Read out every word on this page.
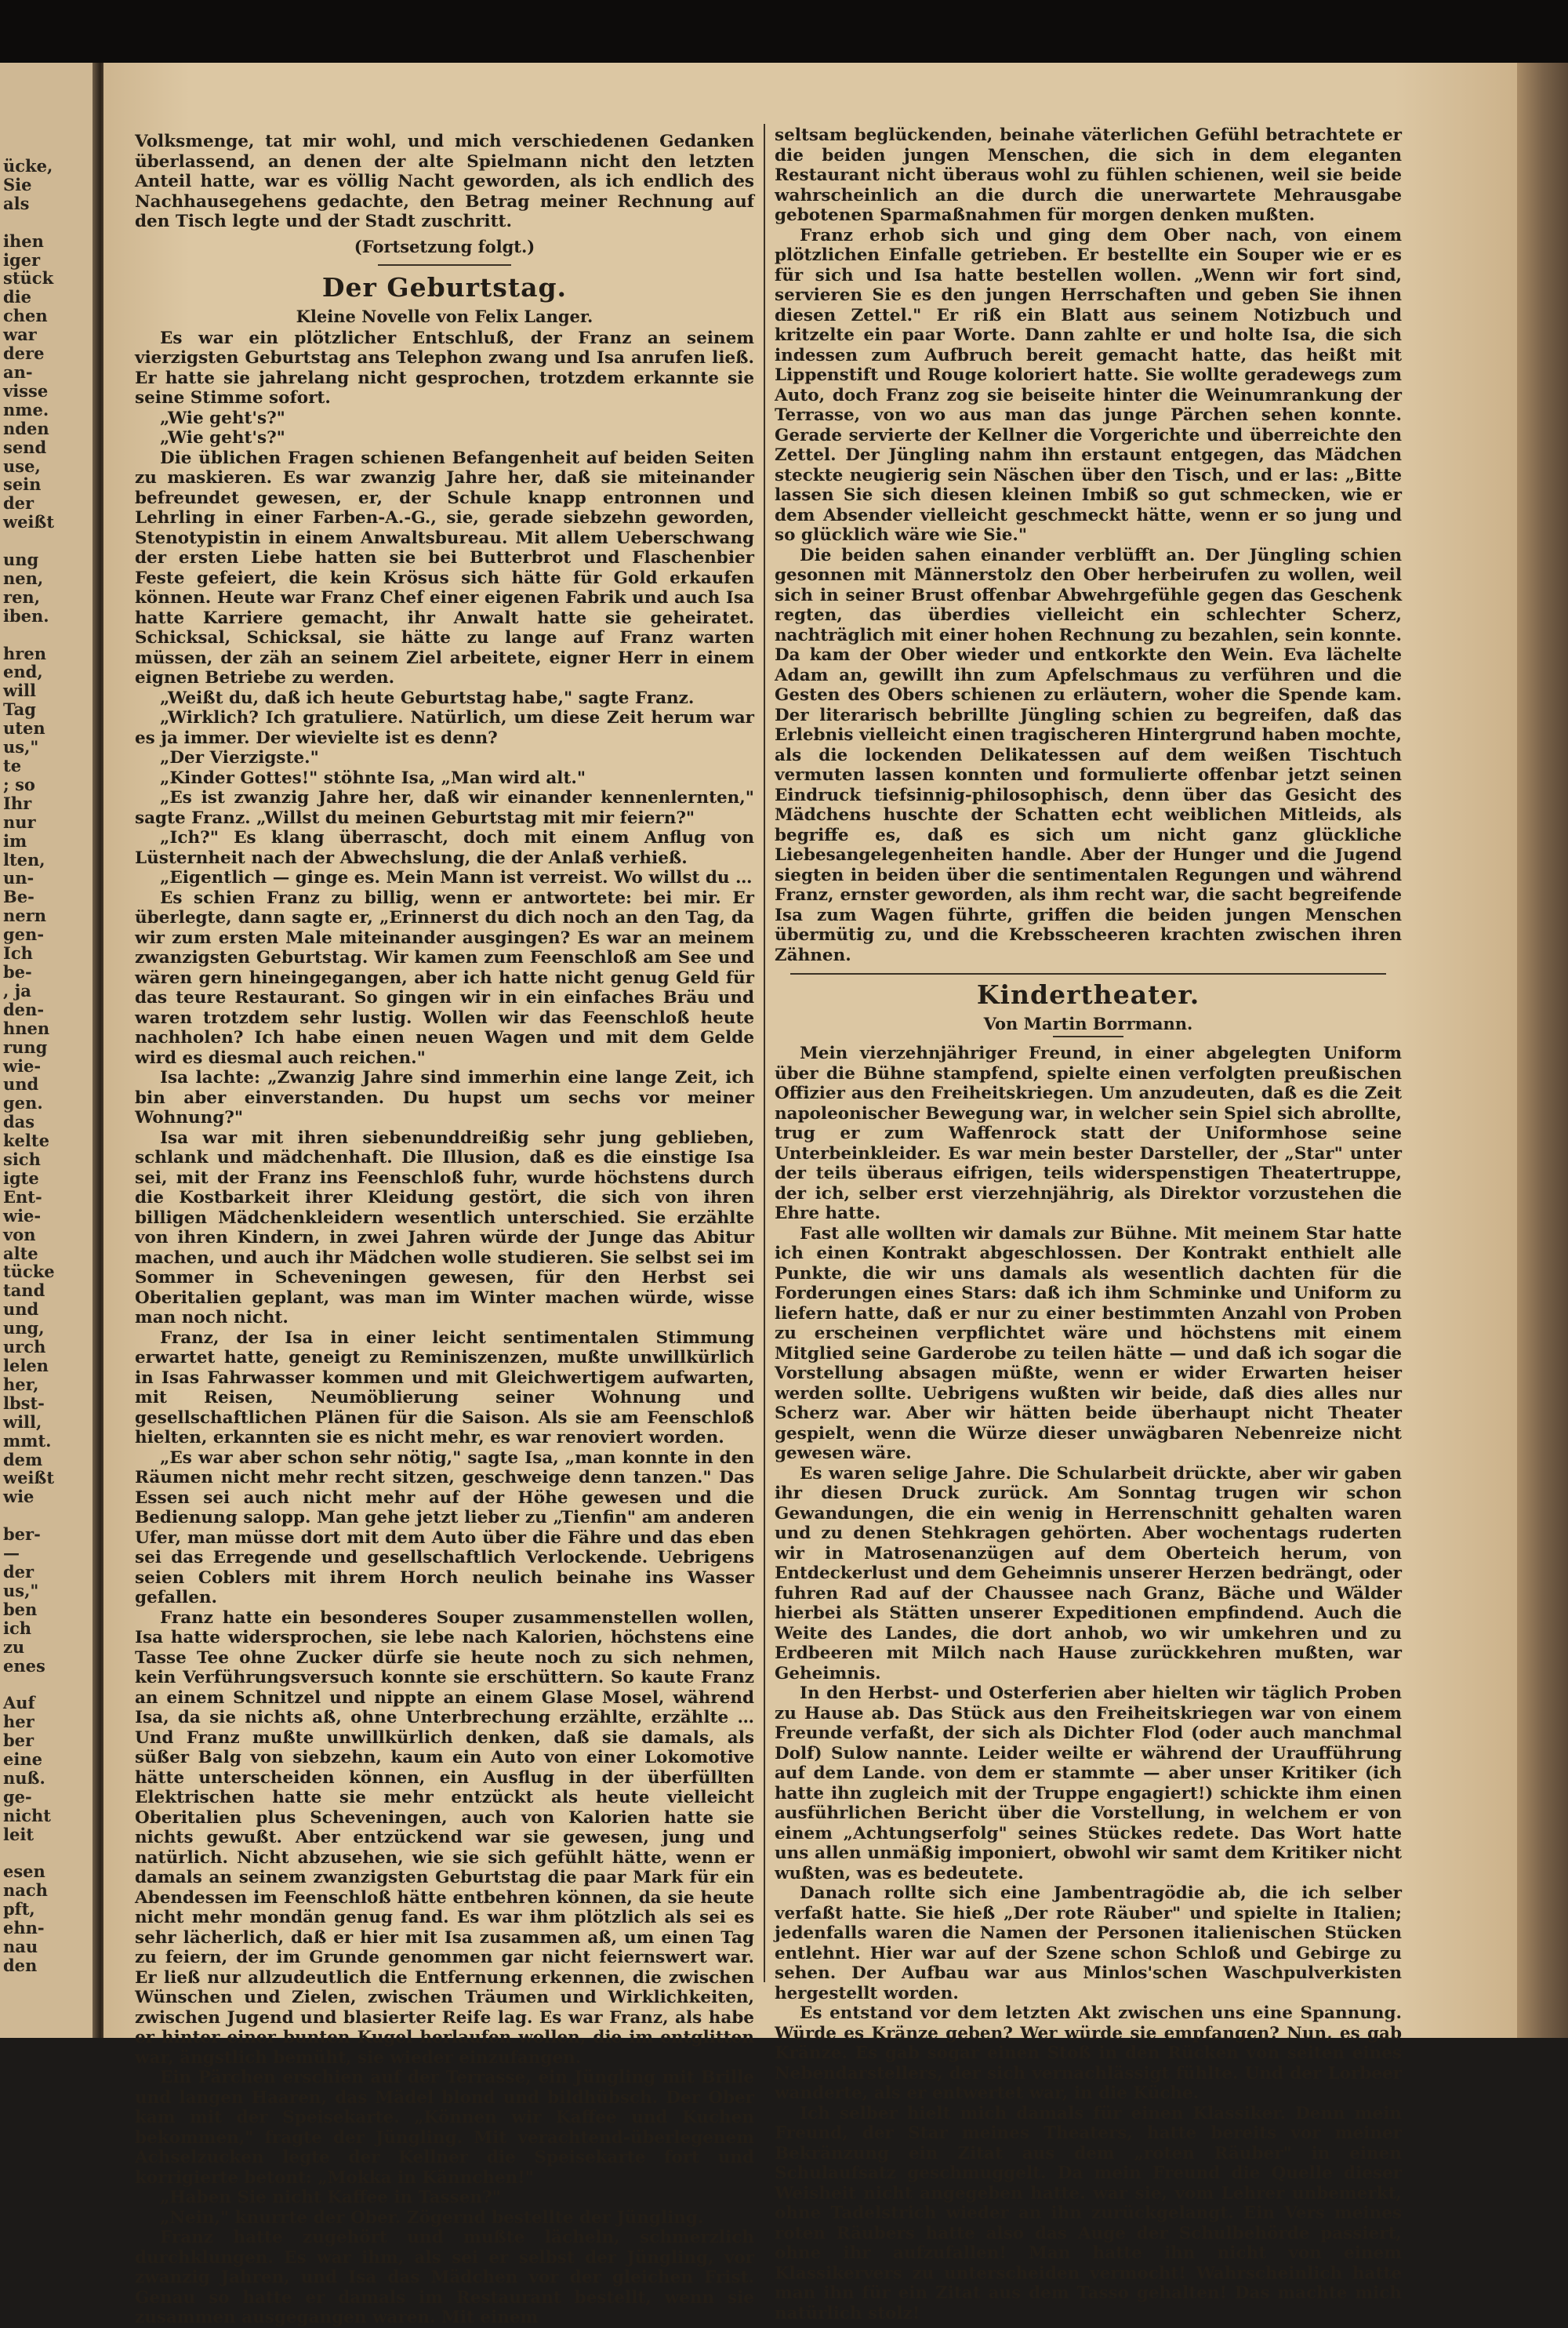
ücke,
Sie
als

ihen
iger
stück
die
chen
war
dere
an-
visse
nme.
nden
send
use,
sein
der
weißt

ung
nen,
ren,
iben.

hren
end,
will
Tag
uten
us,"
te
; so
Ihr
nur
im
lten,
un-
Be-
nern
gen-
Ich
be-
, ja
den-
hnen
rung
wie-
und
gen.
das
kelte
sich
igte
Ent-
wie-
von
alte
tücke
tand
und
ung,
urch
lelen
her,
lbst-
will,
mmt.
dem
weißt
wie

ber-
—
der
us,"
ben
ich
zu
enes

Auf
her
ber
eine
nuß.
ge-
nicht
leit

esen
nach
pft,
ehn-
nau
den

Volksmenge, tat mir wohl, und mich verschiedenen Gedanken überlassend, an denen der alte Spielmann nicht den letzten Anteil hatte, war es völlig Nacht geworden, als ich endlich des Nachhausegehens gedachte, den Betrag meiner Rechnung auf den Tisch legte und der Stadt zuschritt.

(Fortsetzung folgt.)
Der Geburtstag.
Kleine Novelle von Felix Langer.

Es war ein plötzlicher Entschluß, der Franz an seinem vierzigsten Geburtstag ans Telephon zwang und Isa anrufen ließ. Er hatte sie jahrelang nicht gesprochen, trotzdem erkannte sie seine Stimme sofort.

„Wie geht's?"

„Wie geht's?"

Die üblichen Fragen schienen Befangenheit auf beiden Seiten zu maskieren. Es war zwanzig Jahre her, daß sie miteinander befreundet gewesen, er, der Schule knapp entronnen und Lehrling in einer Farben-A.-G., sie, gerade siebzehn geworden, Stenotypistin in einem Anwaltsbureau. Mit allem Ueberschwang der ersten Liebe hatten sie bei Butterbrot und Flaschenbier Feste gefeiert, die kein Krösus sich hätte für Gold erkaufen können. Heute war Franz Chef einer eigenen Fabrik und auch Isa hatte Karriere gemacht, ihr Anwalt hatte sie geheiratet. Schicksal, Schicksal, sie hätte zu lange auf Franz warten müssen, der zäh an seinem Ziel arbeitete, eigner Herr in einem eignen Betriebe zu werden.

„Weißt du, daß ich heute Geburtstag habe," sagte Franz.

„Wirklich? Ich gratuliere. Natürlich, um diese Zeit herum war es ja immer. Der wievielte ist es denn?

„Der Vierzigste."

„Kinder Gottes!" stöhnte Isa, „Man wird alt."

„Es ist zwanzig Jahre her, daß wir einander kennenlernten," sagte Franz. „Willst du meinen Geburtstag mit mir feiern?"

„Ich?" Es klang überrascht, doch mit einem Anflug von Lüsternheit nach der Abwechslung, die der Anlaß verhieß.

„Eigentlich — ginge es. Mein Mann ist verreist. Wo willst du …

Es schien Franz zu billig, wenn er antwortete: bei mir. Er überlegte, dann sagte er, „Erinnerst du dich noch an den Tag, da wir zum ersten Male miteinander ausgingen? Es war an meinem zwanzigsten Geburtstag. Wir kamen zum Feenschloß am See und wären gern hineingegangen, aber ich hatte nicht genug Geld für das teure Restaurant. So gingen wir in ein einfaches Bräu und waren trotzdem sehr lustig. Wollen wir das Feenschloß heute nachholen? Ich habe einen neuen Wagen und mit dem Gelde wird es diesmal auch reichen."

Isa lachte: „Zwanzig Jahre sind immerhin eine lange Zeit, ich bin aber einverstanden. Du hupst um sechs vor meiner Wohnung?"

Isa war mit ihren siebenunddreißig sehr jung geblieben, schlank und mädchenhaft. Die Illusion, daß es die einstige Isa sei, mit der Franz ins Feenschloß fuhr, wurde höchstens durch die Kostbarkeit ihrer Kleidung gestört, die sich von ihren billigen Mädchenkleidern wesentlich unterschied. Sie erzählte von ihren Kindern, in zwei Jahren würde der Junge das Abitur machen, und auch ihr Mädchen wolle studieren. Sie selbst sei im Sommer in Scheveningen gewesen, für den Herbst sei Oberitalien geplant, was man im Winter machen würde, wisse man noch nicht.

Franz, der Isa in einer leicht sentimentalen Stimmung erwartet hatte, geneigt zu Reminiszenzen, mußte unwillkürlich in Isas Fahrwasser kommen und mit Gleichwertigem aufwarten, mit Reisen, Neumöblierung seiner Wohnung und gesellschaftlichen Plänen für die Saison. Als sie am Feenschloß hielten, erkannten sie es nicht mehr, es war renoviert worden.

„Es war aber schon sehr nötig," sagte Isa, „man konnte in den Räumen nicht mehr recht sitzen, geschweige denn tanzen." Das Essen sei auch nicht mehr auf der Höhe gewesen und die Bedienung salopp. Man gehe jetzt lieber zu „Tienfin" am anderen Ufer, man müsse dort mit dem Auto über die Fähre und das eben sei das Erregende und gesellschaftlich Verlockende. Uebrigens seien Coblers mit ihrem Horch neulich beinahe ins Wasser gefallen.

Franz hatte ein besonderes Souper zusammenstellen wollen, Isa hatte widersprochen, sie lebe nach Kalorien, höchstens eine Tasse Tee ohne Zucker dürfe sie heute noch zu sich nehmen, kein Verführungsversuch konnte sie erschüttern. So kaute Franz an einem Schnitzel und nippte an einem Glase Mosel, während Isa, da sie nichts aß, ohne Unterbrechung erzählte, erzählte … Und Franz mußte unwillkürlich denken, daß sie damals, als süßer Balg von siebzehn, kaum ein Auto von einer Lokomotive hätte unterscheiden können, ein Ausflug in der überfüllten Elektrischen hatte sie mehr entzückt als heute vielleicht Oberitalien plus Scheveningen, auch von Kalorien hatte sie nichts gewußt. Aber entzückend war sie gewesen, jung und natürlich. Nicht abzusehen, wie sie sich gefühlt hätte, wenn er damals an seinem zwanzigsten Geburtstag die paar Mark für ein Abendessen im Feenschloß hätte entbehren können, da sie heute nicht mehr mondän genug fand. Es war ihm plötzlich als sei es sehr lächerlich, daß er hier mit Isa zusammen aß, um einen Tag zu feiern, der im Grunde genommen gar nicht feiernswert war. Er ließ nur allzudeutlich die Entfernung erkennen, die zwischen Wünschen und Zielen, zwischen Träumen und Wirklichkeiten, zwischen Jugend und blasierter Reife lag. Es war Franz, als habe er hinter einer bunten Kugel herlaufen wollen, die im entglitten war, ängstlich bemüht, sie wieder einzufangen.

Ein Pärchen erschien auf der Terrasse, ein Jüngling mit Brille und langen Haaren, das Mädel blond und bildhübsch. Der Ober kam mit der Speisekarte. „Können wir Kaffee und Kuchen bekommen," fragte der Jüngling. Mit verachtend-überlegenem Achselzucken legte der Kellner die Speisekarte fort und korrigierte betont: „Mokka in Kännchen!"

„Haben Sie nicht Kaffee in Tassen?"

„Nein," knurrte der Ober. Zögernd bestellte der Jüngling.

Franz hatte zugehört und mußte lächeln, schmerzlich durchklungen. Es war ihm, als sei er selbst der Jüngling, vor zwanzig Jahren, und Isa das Mädchen vor der gleichen Frist. Genau so hatte er damals im Restaurant bestellt, wenn sie zusammen ausgegangen waren. Mit einem

seltsam beglückenden, beinahe väterlichen Gefühl betrachtete er die beiden jungen Menschen, die sich in dem eleganten Restaurant nicht überaus wohl zu fühlen schienen, weil sie beide wahrscheinlich an die durch die unerwartete Mehrausgabe gebotenen Sparmaßnahmen für morgen denken mußten.

Franz erhob sich und ging dem Ober nach, von einem plötzlichen Einfalle getrieben. Er bestellte ein Souper wie er es für sich und Isa hatte bestellen wollen. „Wenn wir fort sind, servieren Sie es den jungen Herrschaften und geben Sie ihnen diesen Zettel." Er riß ein Blatt aus seinem Notizbuch und kritzelte ein paar Worte. Dann zahlte er und holte Isa, die sich indessen zum Aufbruch bereit gemacht hatte, das heißt mit Lippenstift und Rouge koloriert hatte. Sie wollte geradewegs zum Auto, doch Franz zog sie beiseite hinter die Weinumrankung der Terrasse, von wo aus man das junge Pärchen sehen konnte. Gerade servierte der Kellner die Vorgerichte und überreichte den Zettel. Der Jüngling nahm ihn erstaunt entgegen, das Mädchen steckte neugierig sein Näschen über den Tisch, und er las: „Bitte lassen Sie sich diesen kleinen Imbiß so gut schmecken, wie er dem Absender vielleicht geschmeckt hätte, wenn er so jung und so glücklich wäre wie Sie."

Die beiden sahen einander verblüfft an. Der Jüngling schien gesonnen mit Männerstolz den Ober herbeirufen zu wollen, weil sich in seiner Brust offenbar Abwehrgefühle gegen das Geschenk regten, das überdies vielleicht ein schlechter Scherz, nachträglich mit einer hohen Rechnung zu bezahlen, sein konnte. Da kam der Ober wieder und entkorkte den Wein. Eva lächelte Adam an, gewillt ihn zum Apfelschmaus zu verführen und die Gesten des Obers schienen zu erläutern, woher die Spende kam. Der literarisch bebrillte Jüngling schien zu begreifen, daß das Erlebnis vielleicht einen tragischeren Hintergrund haben mochte, als die lockenden Delikatessen auf dem weißen Tischtuch vermuten lassen konnten und formulierte offenbar jetzt seinen Eindruck tiefsinnig-philosophisch, denn über das Gesicht des Mädchens huschte der Schatten echt weiblichen Mitleids, als begriffe es, daß es sich um nicht ganz glückliche Liebesangelegenheiten handle. Aber der Hunger und die Jugend siegten in beiden über die sentimentalen Regungen und während Franz, ernster geworden, als ihm recht war, die sacht begreifende Isa zum Wagen führte, griffen die beiden jungen Menschen übermütig zu, und die Krebsscheeren krachten zwischen ihren Zähnen.

Kindertheater.
Von Martin Borrmann.

Mein vierzehnjähriger Freund, in einer abgelegten Uniform über die Bühne stampfend, spielte einen verfolgten preußischen Offizier aus den Freiheitskriegen. Um anzudeuten, daß es die Zeit napoleonischer Bewegung war, in welcher sein Spiel sich abrollte, trug er zum Waffenrock statt der Uniformhose seine Unterbeinkleider. Es war mein bester Darsteller, der „Star" unter der teils überaus eifrigen, teils widerspenstigen Theatertruppe, der ich, selber erst vierzehnjährig, als Direktor vorzustehen die Ehre hatte.

Fast alle wollten wir damals zur Bühne. Mit meinem Star hatte ich einen Kontrakt abgeschlossen. Der Kontrakt enthielt alle Punkte, die wir uns damals als wesentlich dachten für die Forderungen eines Stars: daß ich ihm Schminke und Uniform zu liefern hatte, daß er nur zu einer bestimmten Anzahl von Proben zu erscheinen verpflichtet wäre und höchstens mit einem Mitglied seine Garderobe zu teilen hätte — und daß ich sogar die Vorstellung absagen müßte, wenn er wider Erwarten heiser werden sollte. Uebrigens wußten wir beide, daß dies alles nur Scherz war. Aber wir hätten beide überhaupt nicht Theater gespielt, wenn die Würze dieser unwägbaren Nebenreize nicht gewesen wäre.

Es waren selige Jahre. Die Schularbeit drückte, aber wir gaben ihr diesen Druck zurück. Am Sonntag trugen wir schon Gewandungen, die ein wenig in Herrenschnitt gehalten waren und zu denen Stehkragen gehörten. Aber wochentags ruderten wir in Matrosenanzügen auf dem Oberteich herum, von Entdeckerlust und dem Geheimnis unserer Herzen bedrängt, oder fuhren Rad auf der Chaussee nach Granz, Bäche und Wälder hierbei als Stätten unserer Expeditionen empfindend. Auch die Weite des Landes, die dort anhob, wo wir umkehren und zu Erdbeeren mit Milch nach Hause zurückkehren mußten, war Geheimnis.

In den Herbst- und Osterferien aber hielten wir täglich Proben zu Hause ab. Das Stück aus den Freiheitskriegen war von einem Freunde verfaßt, der sich als Dichter Flod (oder auch manchmal Dolf) Sulow nannte. Leider weilte er während der Uraufführung auf dem Lande. von dem er stammte — aber unser Kritiker (ich hatte ihn zugleich mit der Truppe engagiert!) schickte ihm einen ausführlichen Bericht über die Vorstellung, in welchem er von einem „Achtungserfolg" seines Stückes redete. Das Wort hatte uns allen unmäßig imponiert, obwohl wir samt dem Kritiker nicht wußten, was es bedeutete.

Danach rollte sich eine Jambentragödie ab, die ich selber verfaßt hatte. Sie hieß „Der rote Räuber" und spielte in Italien; jedenfalls waren die Namen der Personen italienischen Stücken entlehnt. Hier war auf der Szene schon Schloß und Gebirge zu sehen. Der Aufbau war aus Minlos'schen Waschpulverkisten hergestellt worden.

Es entstand vor dem letzten Akt zwischen uns eine Spannung. Würde es Kränze geben? Wer würde sie empfangen? Nun, es gab Kränze. Es gab sogar einen Stoß in den Rücken von seiten eines Nebendarstellers, der sich vernachlässigt fühlte. Und der Lorbeer wanderte, als er entwertet war, in die Küche.

Ich selber hielt mich damals für einen Klassiker. Denn mein Freund, der Star meines Theaters, hatte bereits vor meiner Bekränzung ein Zitat aus dem „roten Räuber" in einen Schulaufsatz geschmuggelt. Da mein Freund die Quelle dieser Weisheit nicht angegeben hatte. war sie, vom Lehrer unbemerkt, ohne Tadelstrich wieder an ihn zurückgelangt. Ein Vers meines roten Räubers hatte also das Auge der Schulbehörde passiert, ohne ihr aufzufallen! Man hatte ihn nicht von einem Klassikervers zu unterscheiden vermocht! Wahrscheinlich hatte man ihn für ein Zitat aus dem Tasso gehalten! Das machte mich natürlich stolz!
